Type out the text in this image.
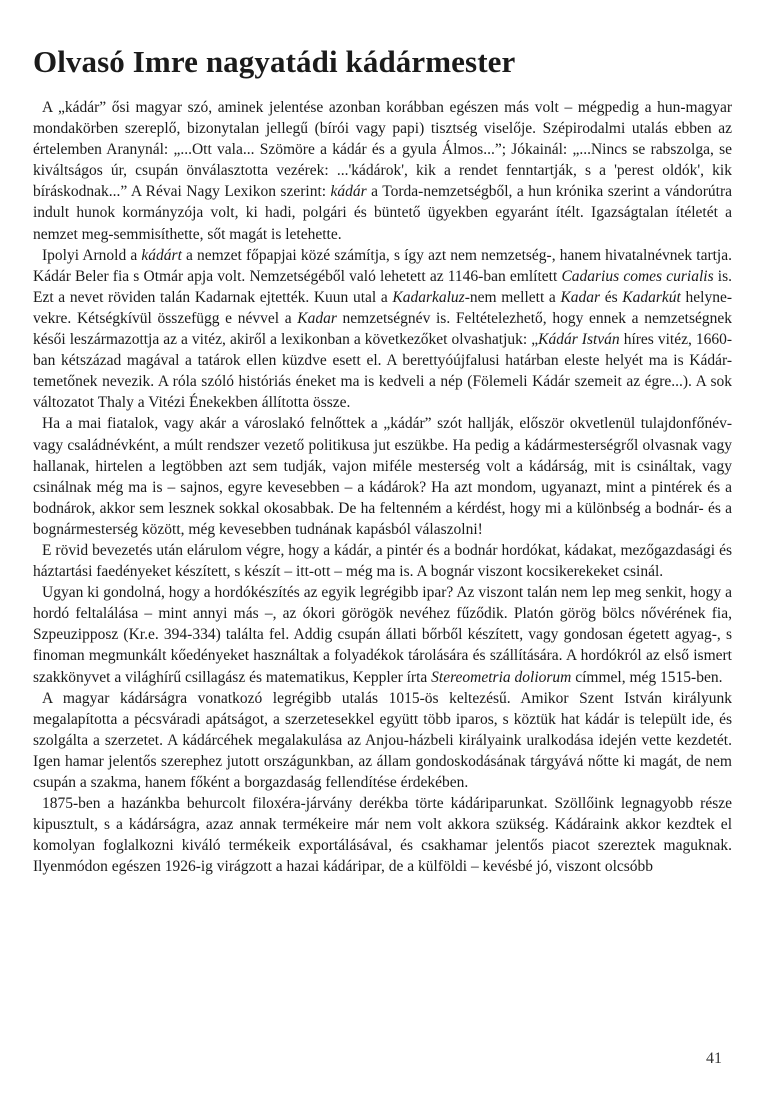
Olvasó Imre nagyatádi kádármester

A „kádár” ősi magyar szó, aminek jelentése azonban korábban egészen más volt – mégpedig a hun-magyar mondakörben szereplő, bizonytalan jellegű (bírói vagy papi) tisztség viselője. Szépirodalmi utalás ebben az értelemben Aranynál: „...Ott vala... Szömöre a kádár és a gyula Álmos...”; Jókainál: „...Nincs se rabszolga, se kiváltságos úr, csupán önválasztotta vezérek: ...'kádárok', kik a rendet fenntartják, s a 'perest oldók', kik bíráskodnak...” A Révai Nagy Lexikon szerint: kádár a Torda-nemzetségből, a hun krónika szerint a vándorútra indult hunok kormányzója volt, ki hadi, polgári és büntető ügyekben egyaránt ítélt. Igazságtalan ítéletét a nemzet meg-semmisíthette, sőt magát is letehette.

Ipolyi Arnold a kádárt a nemzet főpapjai közé számítja, s így azt nem nemzetség-, hanem hivatalnévnek tartja. Kádár Beler fia s Otmár apja volt. Nemzetségéből való lehetett az 1146-ban említett Cadarius comes curialis is. Ezt a nevet röviden talán Kadarnak ejtették. Kuun utal a Kadarkaluz-nem mellett a Kadar és Kadarkút helyne-vekre. Kétségkívül összefügg e névvel a Kadar nemzetségnév is. Feltételezhető, hogy ennek a nemzetségnek késői leszármazottja az a vitéz, akiről a lexikonban a következőket olvashatjuk: „Kádár István híres vitéz, 1660-ban kétszázad magával a tatárok ellen küzdve esett el. A berettyóújfalusi határban eleste helyét ma is Kádár-temetőnek nevezik. A róla szóló históriás éneket ma is kedveli a nép (Fölemeli Kádár szemeit az égre...). A sok változatot Thaly a Vitézi Énekekben állította össze.

Ha a mai fiatalok, vagy akár a városlakó felnőttek a „kádár” szót hallják, először okvetlenül tulajdonfőnév- vagy családnévként, a múlt rendszer vezető politikusa jut eszükbe. Ha pedig a kádármesterségről olvasnak vagy hallanak, hirtelen a legtöbben azt sem tudják, vajon miféle mesterség volt a kádárság, mit is csináltak, vagy csinálnak még ma is – sajnos, egyre kevesebben – a kádárok? Ha azt mondom, ugyanazt, mint a pintérek és a bodnárok, akkor sem lesznek sokkal okosabbak. De ha feltenném a kérdést, hogy mi a különbség a bodnár- és a bognármesterség között, még kevesebben tudnának kapásból válaszolni!

E rövid bevezetés után elárulom végre, hogy a kádár, a pintér és a bodnár hordókat, kádakat, mezőgazdasági és háztartási faedényeket készített, s készít – itt-ott – még ma is. A bognár viszont kocsikerekeket csinál.

Ugyan ki gondolná, hogy a hordókészítés az egyik legrégibb ipar? Az viszont talán nem lep meg senkit, hogy a hordó feltalálása – mint annyi más –, az ókori görögök nevéhez fűződik. Platón görög bölcs nővérének fia, Szpeuzipposz (Kr.e. 394-334) találta fel. Addig csupán állati bőrből készített, vagy gondosan égetett agyag-, s finoman megmunkált kőedényeket használtak a folyadékok tárolására és szállítására. A hordókról az első ismert szakkönyvet a világhírű csillagász és matematikus, Keppler írta Stereometria doliorum címmel, még 1515-ben.

A magyar kádárságra vonatkozó legrégibb utalás 1015-ös keltezésű. Amikor Szent István királyunk megalapította a pécsváradi apátságot, a szerzetesekkel együtt több iparos, s köztük hat kádár is települt ide, és szolgálta a szerzetet. A kádárcéhek megalakulása az Anjou-házbeli királyaink uralkodása idején vette kezdetét. Igen hamar jelentős szerephez jutott országunkban, az állam gondoskodásának tárgyává nőtte ki magát, de nem csupán a szakma, hanem főként a borgazdaság fellendítése érdekében.

1875-ben a hazánkba behurcolt filoxéra-járvány derékba törte kádáriparunkat. Szöllőink legnagyobb része kipusztult, s a kádárságra, azaz annak termékeire már nem volt akkora szükség. Kádáraink akkor kezdtek el komolyan foglalkozni kiváló termékeik exportálásával, és csakhamar jelentős piacot szereztek maguknak. Ilyenmódon egészen 1926-ig virágzott a hazai kádáripar, de a külföldi – kevésbé jó, viszont olcsóbb

41
